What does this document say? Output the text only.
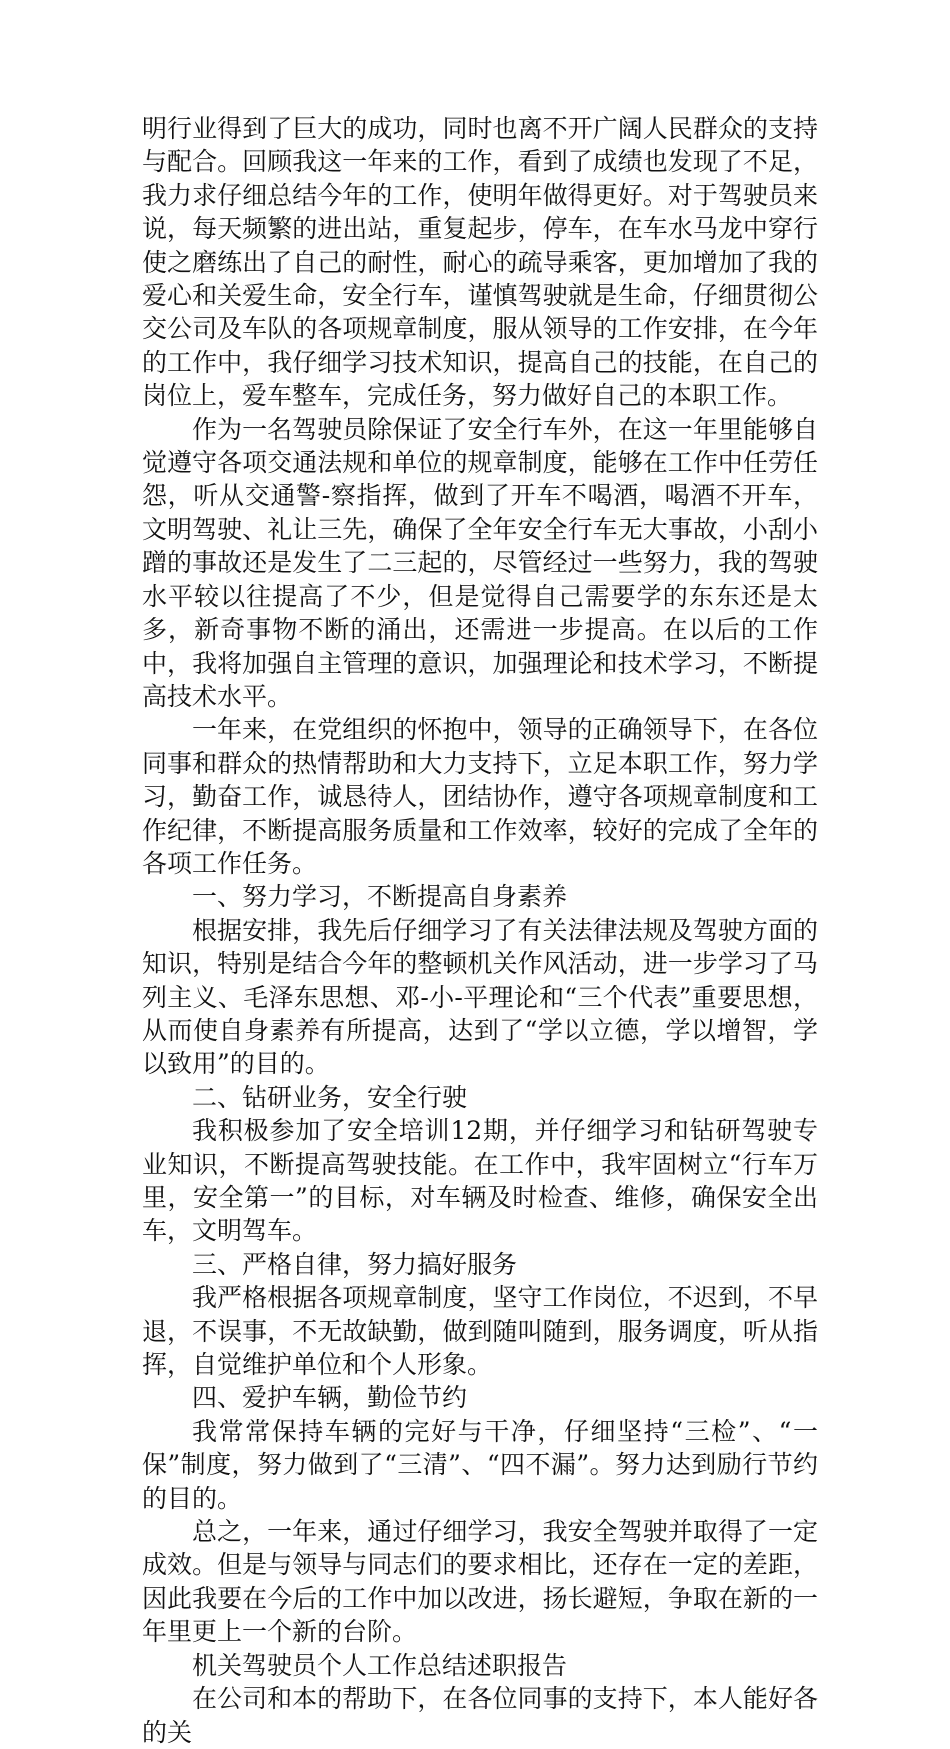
明行业得到了巨大的成功，同时也离不开广阔人民群众的支持与配合。回顾我这一年来的工作，看到了成绩也发现了不足，我力求仔细总结今年的工作，使明年做得更好。对于驾驶员来说，每天频繁的进出站，重复起步，停车，在车水马龙中穿行使之磨练出了自己的耐性，耐心的疏导乘客，更加增加了我的爱心和关爱生命，安全行车，谨慎驾驶就是生命，仔细贯彻公交公司及车队的各项规章制度，服从领导的工作安排，在今年的工作中，我仔细学习技术知识，提高自己的技能，在自己的岗位上，爱车整车，完成任务，努力做好自己的本职工作。

作为一名驾驶员除保证了安全行车外，在这一年里能够自觉遵守各项交通法规和单位的规章制度，能够在工作中任劳任怨，听从交通警-察指挥，做到了开车不喝酒，喝酒不开车，文明驾驶、礼让三先，确保了全年安全行车无大事故，小刮小蹭的事故还是发生了二三起的，尽管经过一些努力，我的驾驶水平较以往提高了不少，但是觉得自己需要学的东东还是太多，新奇事物不断的涌出，还需进一步提高。在以后的工作中，我将加强自主管理的意识，加强理论和技术学习，不断提高技术水平。

一年来，在党组织的怀抱中，领导的正确领导下，在各位同事和群众的热情帮助和大力支持下，立足本职工作，努力学习，勤奋工作，诚恳待人，团结协作，遵守各项规章制度和工作纪律，不断提高服务质量和工作效率，较好的完成了全年的各项工作任务。

一、努力学习，不断提高自身素养

根据安排，我先后仔细学习了有关法律法规及驾驶方面的知识，特别是结合今年的整顿机关作风活动，进一步学习了马列主义、毛泽东思想、邓-小-平理论和“三个代表”重要思想，从而使自身素养有所提高，达到了“学以立德，学以增智，学以致用”的目的。

二、钻研业务，安全行驶

我积极参加了安全培训12期，并仔细学习和钻研驾驶专业知识，不断提高驾驶技能。在工作中，我牢固树立“行车万里，安全第一”的目标，对车辆及时检查、维修，确保安全出车，文明驾车。

三、严格自律，努力搞好服务

我严格根据各项规章制度，坚守工作岗位，不迟到，不早退，不误事，不无故缺勤，做到随叫随到，服务调度，听从指挥，自觉维护单位和个人形象。

四、爱护车辆，勤俭节约

我常常保持车辆的完好与干净，仔细坚持“三检”、“一保”制度，努力做到了“三清”、“四不漏”。努力达到励行节约的目的。

总之，一年来，通过仔细学习，我安全驾驶并取得了一定成效。但是与领导与同志们的要求相比，还存在一定的差距，因此我要在今后的工作中加以改进，扬长避短，争取在新的一年里更上一个新的台阶。

机关驾驶员个人工作总结述职报告

在公司和本的帮助下，在各位同事的支持下，本人能好各的关
